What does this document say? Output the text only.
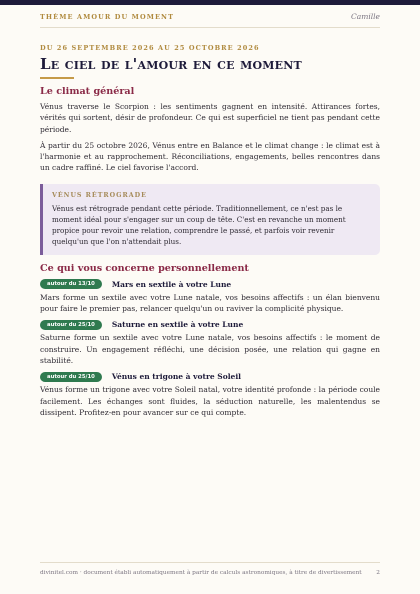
THÈME AMOUR DU MOMENT	Camille
DU 26 SEPTEMBRE 2026 AU 25 OCTOBRE 2026
Le ciel de l'amour en ce moment
Le climat général

Vénus traverse le Scorpion : les sentiments gagnent en intensité. Attirances fortes, vérités qui sortent, désir de profondeur. Ce qui est superficiel ne tient pas pendant cette période.

À partir du 25 octobre 2026, Vénus entre en Balance et le climat change : le climat est à l'harmonie et au rapprochement. Réconciliations, engagements, belles rencontres dans un cadre raffiné. Le ciel favorise l'accord.

VÉNUS RÉTROGRADE

Vénus est rétrograde pendant cette période. Traditionnellement, ce n'est pas le moment idéal pour s'engager sur un coup de tête. C'est en revanche un moment propice pour revoir une relation, comprendre le passé, et parfois voir revenir quelqu'un que l'on n'attendait plus.

Ce qui vous concerne personnellement
autour du 13/10	Mars en sextile à votre Lune

Mars forme un sextile avec votre Lune natale, vos besoins affectifs : un élan bienvenu pour faire le premier pas, relancer quelqu'un ou raviver la complicité physique.

autour du 25/10	Saturne en sextile à votre Lune

Saturne forme un sextile avec votre Lune natale, vos besoins affectifs : le moment de construire. Un engagement réfléchi, une décision posée, une relation qui gagne en stabilité.

autour du 25/10	Vénus en trigone à votre Soleil

Vénus forme un trigone avec votre Soleil natal, votre identité profonde : la période coule facilement. Les échanges sont fluides, la séduction naturelle, les malentendus se dissipent. Profitez-en pour avancer sur ce qui compte.

divinitel.com · document établi automatiquement à partir de calculs astronomiques, à titre de divertissement	2
